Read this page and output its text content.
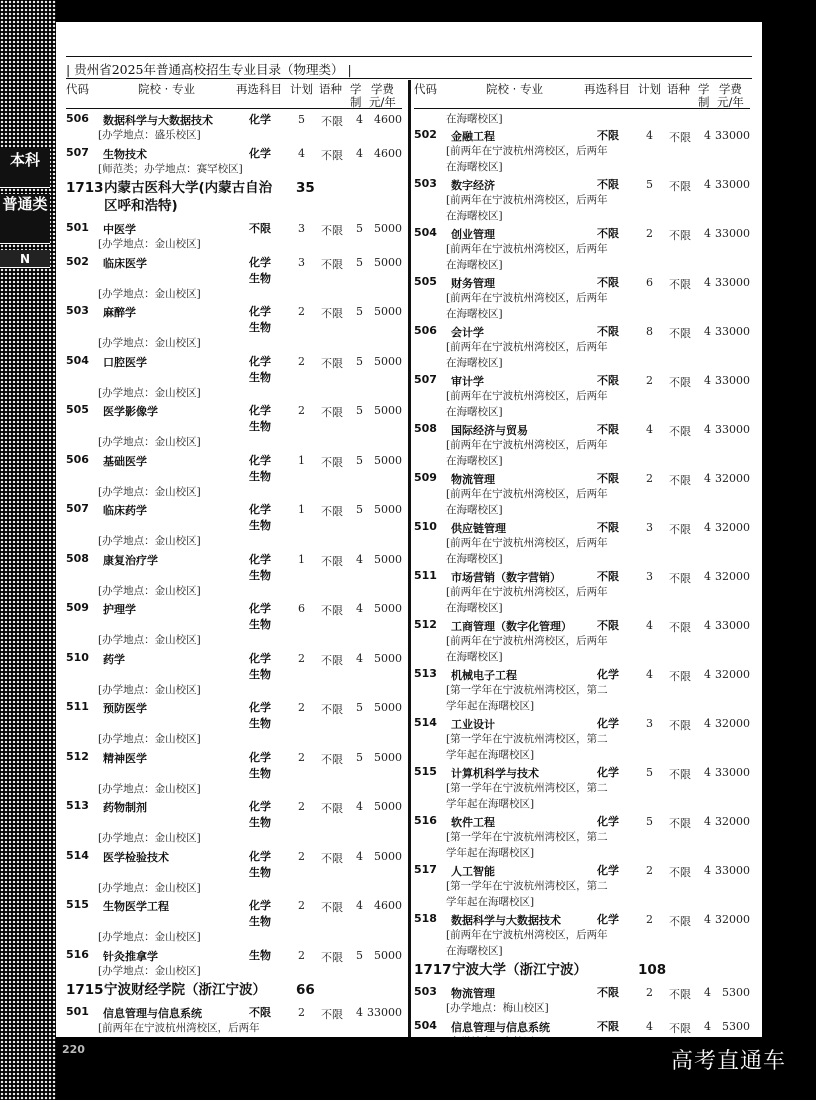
本科
普通类
N
| 贵州省2025年普通高校招生专业目录（物理类） |
代码	院校 · 专业	再选科目 计划 语种 学
制
学费
元/年
506	数据科学与大数据技术	化学 5 不限 4 4600
[办学地点：盛乐校区]
507	生物技术	化学 4 不限 4 4600
[师范类；办学地点：赛罕校区]
1713 内蒙古医科大学(内蒙古自治
区呼和浩特)
35
501	中医学	不限 3 不限 5 5000
[办学地点：金山校区]
502	临床医学	化学
生物
3 不限 5 5000
[办学地点：金山校区]
503	麻醉学	化学
生物
2 不限 5 5000
[办学地点：金山校区]
504	口腔医学	化学
生物
2 不限 5 5000
[办学地点：金山校区]
505	医学影像学	化学
生物
2 不限 5 5000
[办学地点：金山校区]
506	基础医学	化学
生物
1 不限 5 5000
[办学地点：金山校区]
507	临床药学	化学
生物
1 不限 5 5000
[办学地点：金山校区]
508	康复治疗学	化学
生物
1 不限 4 5000
[办学地点：金山校区]
509	护理学	化学
生物
6 不限 4 5000
[办学地点：金山校区]
510	药学	化学
生物
2 不限 4 5000
[办学地点：金山校区]
511	预防医学	化学
生物
2 不限 5 5000
[办学地点：金山校区]
512	精神医学	化学
生物
2 不限 5 5000
[办学地点：金山校区]
513	药物制剂	化学
生物
2 不限 4 5000
[办学地点：金山校区]
514	医学检验技术	化学
生物
2 不限 4 5000
[办学地点：金山校区]
515	生物医学工程	化学
生物
2 不限 4 4600
[办学地点：金山校区]
516	针灸推拿学	生物 2 不限 5 5000
[办学地点：金山校区]
1715 宁波财经学院（浙江宁波） 66
501	信息管理与信息系统	不限 2 不限 4 33000
[前两年在宁波杭州湾校区，后两年
代码	院校 · 专业	再选科目 计划 语种 学
制
学费
元/年
在海曙校区]
502	金融工程	不限 4 不限 4 33000
[前两年在宁波杭州湾校区，后两年
在海曙校区]
503	数字经济	不限 5 不限 4 33000
[前两年在宁波杭州湾校区，后两年
在海曙校区]
504	创业管理	不限 2 不限 4 33000
[前两年在宁波杭州湾校区，后两年
在海曙校区]
505	财务管理	不限 6 不限 4 33000
[前两年在宁波杭州湾校区，后两年
在海曙校区]
506	会计学	不限 8 不限 4 33000
[前两年在宁波杭州湾校区，后两年
在海曙校区]
507	审计学	不限 2 不限 4 33000
[前两年在宁波杭州湾校区，后两年
在海曙校区]
508	国际经济与贸易	不限 4 不限 4 33000
[前两年在宁波杭州湾校区，后两年
在海曙校区]
509	物流管理	不限 2 不限 4 32000
[前两年在宁波杭州湾校区，后两年
在海曙校区]
510	供应链管理	不限 3 不限 4 32000
[前两年在宁波杭州湾校区，后两年
在海曙校区]
511	市场营销（数字营销）	不限 3 不限 4 32000
[前两年在宁波杭州湾校区，后两年
在海曙校区]
512	工商管理（数字化管理） 不限 4 不限 4 33000
[前两年在宁波杭州湾校区，后两年
在海曙校区]
513	机械电子工程	化学 4 不限 4 32000
[第一学年在宁波杭州湾校区，第二
学年起在海曙校区]
514	工业设计	化学 3 不限 4 32000
[第一学年在宁波杭州湾校区，第二
学年起在海曙校区]
515	计算机科学与技术	化学 5 不限 4 33000
[第一学年在宁波杭州湾校区，第二
学年起在海曙校区]
516	软件工程	化学 5 不限 4 32000
[第一学年在宁波杭州湾校区，第二
学年起在海曙校区]
517	人工智能	化学 2 不限 4 33000
[第一学年在宁波杭州湾校区，第二
学年起在海曙校区]
518	数据科学与大数据技术	化学 2 不限 4 32000
[前两年在宁波杭州湾校区，后两年
在海曙校区]
1717 宁波大学（浙江宁波）	108
503	物流管理	不限 2 不限 4 5300
[办学地点：梅山校区]
504	信息管理与信息系统	不限 4 不限 4 5300
220	高考直通车
